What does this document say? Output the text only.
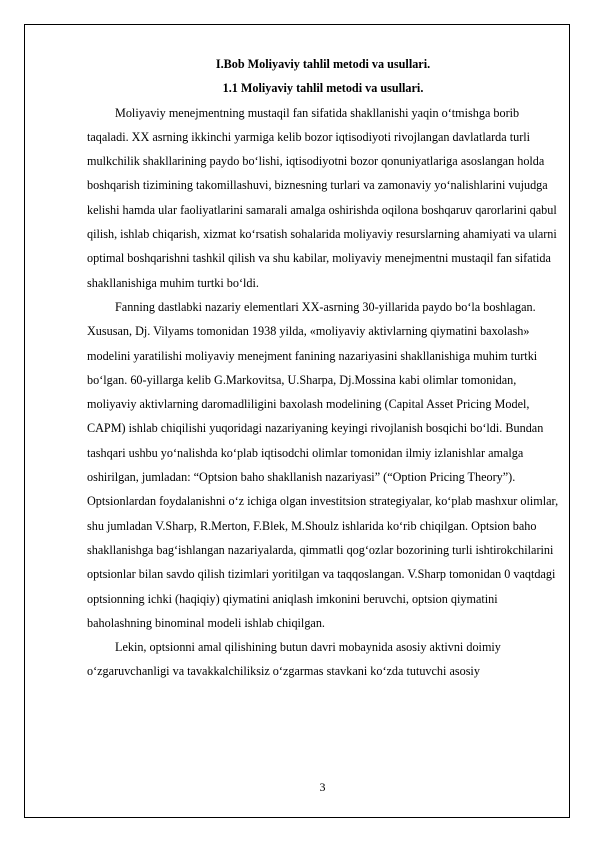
I.Bob Moliyaviy tahlil metodi va usullari.

1.1 Moliyaviy tahlil metodi va usullari.

Moliyaviy menejmentning mustaqil fan sifatida shakllanishi yaqin oʻtmishga borib taqaladi. XX asrning ikkinchi yarmiga kelib bozor iqtisodiyoti rivojlangan davlatlarda turli mulkchilik shakllarining paydo boʻlishi, iqtisodiyotni bozor qonuniyatlariga asoslangan holda boshqarish tizimining takomillashuvi, biznesning turlari va zamonaviy yoʻnalishlarini vujudga kelishi hamda ular faoliyatlarini samarali amalga oshirishda oqilona boshqaruv qarorlarini qabul qilish, ishlab chiqarish, xizmat koʻrsatish sohalarida moliyaviy resurslarning ahamiyati va ularni optimal boshqarishni tashkil qilish va shu kabilar, moliyaviy menejmentni mustaqil fan sifatida shakllanishiga muhim turtki boʻldi.

Fanning dastlabki nazariy elementlari XX-asrning 30-yillarida paydo boʻla boshlagan. Xususan, Dj. Vilyams tomonidan 1938 yilda, «moliyaviy aktivlarning qiymatini baxolash» modelini yaratilishi moliyaviy menejment fanining nazariyasini shakllanishiga muhim turtki boʻlgan. 60-yillarga kelib G.Markovitsa, U.Sharpa, Dj.Mossina kabi olimlar tomonidan, moliyaviy aktivlarning daromadliligini baxolash modelining (Capital Asset Pricing Model, CAPM) ishlab chiqilishi yuqoridagi nazariyaning keyingi rivojlanish bosqichi boʻldi. Bundan tashqari ushbu yoʻnalishda koʻplab iqtisodchi olimlar tomonidan ilmiy izlanishlar amalga oshirilgan, jumladan: “Optsion baho shakllanish nazariyasi” (“Option Pricing Theory”). Optsionlardan foydalanishni oʻz ichiga olgan investitsion strategiyalar, koʻplab mashxur olimlar, shu jumladan V.Sharp, R.Merton, F.Blek, M.Shoulz ishlarida koʻrib chiqilgan. Optsion baho shakllanishga bagʻishlangan nazariyalarda, qimmatli qogʻozlar bozorining turli ishtirokchilarini optsionlar bilan savdo qilish tizimlari yoritilgan va taqqoslangan. V.Sharp tomonidan 0 vaqtdagi optsionning ichki (haqiqiy) qiymatini aniqlash imkonini beruvchi, optsion qiymatini baholashning binominal modeli ishlab chiqilgan.

Lekin, optsionni amal qilishining butun davri mobaynida asosiy aktivni doimiy oʻzgaruvchanligi va tavakkalchiliksiz oʻzgarmas stavkani koʻzda tutuvchi asosiy

3
